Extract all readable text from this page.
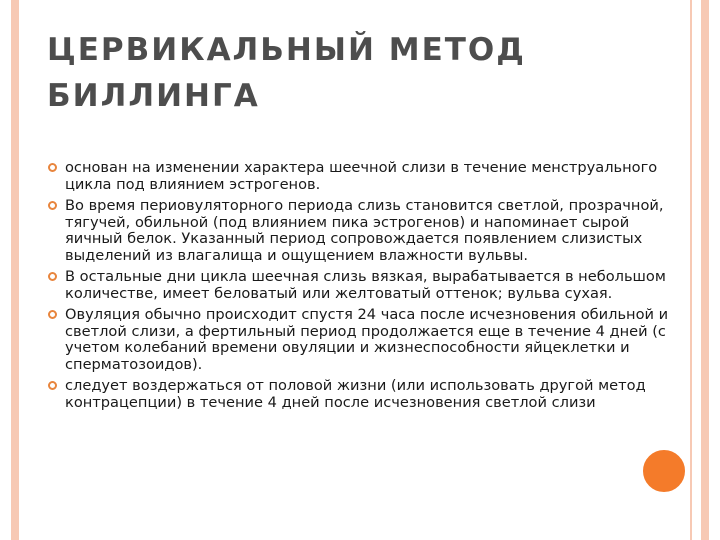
ЦЕРВИКАЛЬНЫЙ МЕТОД БИЛЛИНГА
основан на изменении характера шеечной слизи в течение менструального цикла под влиянием эстрогенов.
Во время периовуляторного периода слизь становится светлой, прозрачной, тягучей, обильной (под влиянием пика эстрогенов) и напоминает сырой яичный белок. Указанный период сопровождается появлением слизистых выделений из влагалища и ощущением влажности вульвы.
В остальные дни цикла шеечная слизь вязкая, вырабатывается в небольшом количестве, имеет беловатый или желтоватый оттенок; вульва сухая.
Овуляция обычно происходит спустя 24 часа после исчезновения обильной и светлой слизи, а фертильный период продолжается еще в течение 4 дней (с учетом колебаний времени овуляции и жизнеспособности яйцеклетки и сперматозоидов).
следует воздержаться от половой жизни (или использовать другой метод контрацепции) в течение 4 дней после исчезновения светлой слизи
